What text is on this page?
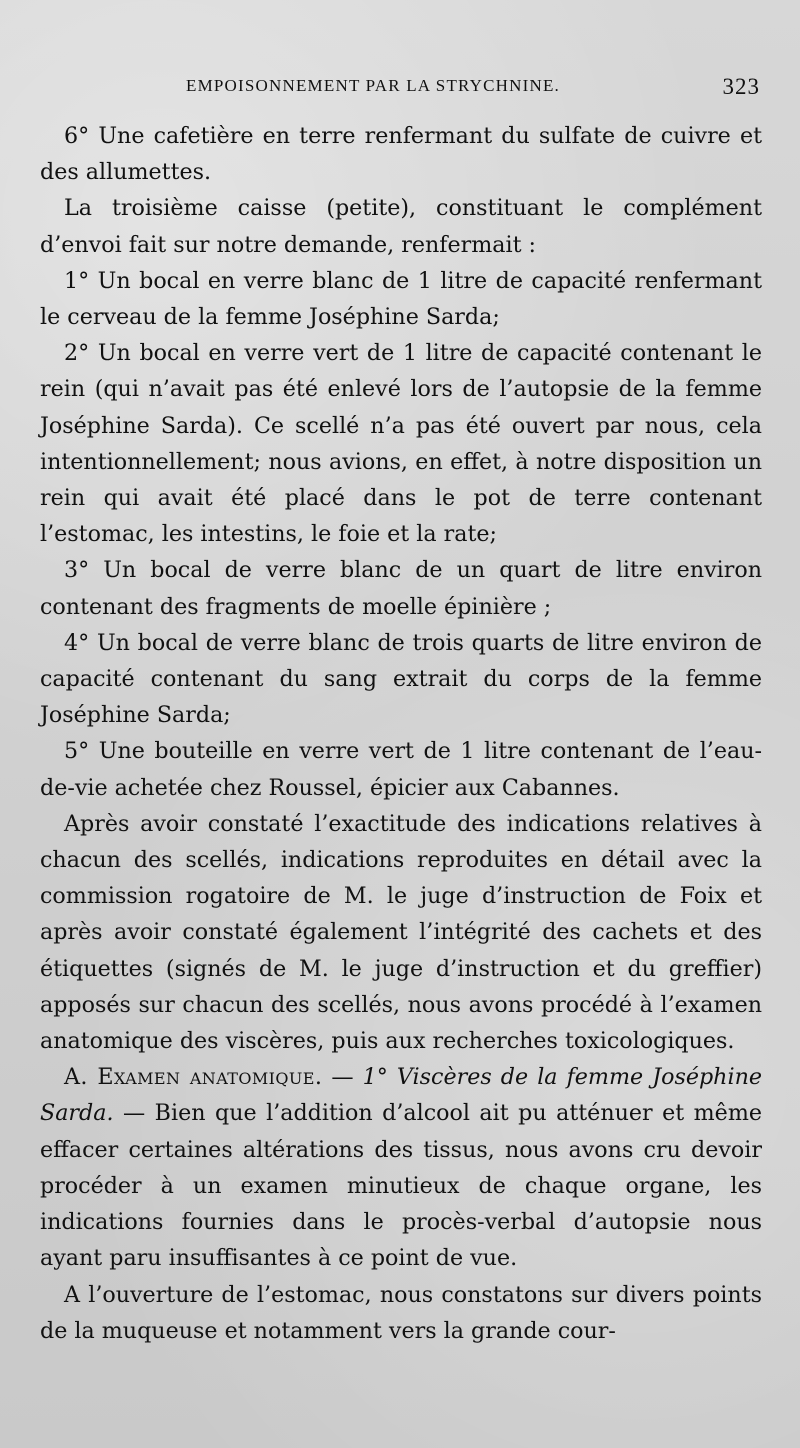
EMPOISONNEMENT PAR LA STRYCHNINE.	323

6° Une cafetière en terre renfermant du sulfate de cuivre et des allumettes.

La troisième caisse (petite), constituant le complément d’envoi fait sur notre demande, renfermait :

1° Un bocal en verre blanc de 1 litre de capacité renfermant le cerveau de la femme Joséphine Sarda;

2° Un bocal en verre vert de 1 litre de capacité contenant le rein (qui n’avait pas été enlevé lors de l’autopsie de la femme Joséphine Sarda). Ce scellé n’a pas été ouvert par nous, cela intentionnellement; nous avions, en effet, à notre disposition un rein qui avait été placé dans le pot de terre contenant l’estomac, les intestins, le foie et la rate;

3° Un bocal de verre blanc de un quart de litre environ contenant des fragments de moelle épinière ;

4° Un bocal de verre blanc de trois quarts de litre environ de capacité contenant du sang extrait du corps de la femme Joséphine Sarda;

5° Une bouteille en verre vert de 1 litre contenant de l’eau-de-vie achetée chez Roussel, épicier aux Cabannes.

Après avoir constaté l’exactitude des indications relatives à chacun des scellés, indications reproduites en détail avec la commission rogatoire de M. le juge d’instruction de Foix et après avoir constaté également l’intégrité des cachets et des étiquettes (signés de M. le juge d’instruction et du greffier) apposés sur chacun des scellés, nous avons procédé à l’examen anatomique des viscères, puis aux recherches toxicologiques.

A. Examen anatomique. — 1° Viscères de la femme Joséphine Sarda. — Bien que l’addition d’alcool ait pu atténuer et même effacer certaines altérations des tissus, nous avons cru devoir procéder à un examen minutieux de chaque organe, les indications fournies dans le procès-verbal d’autopsie nous ayant paru insuffisantes à ce point de vue.

A l’ouverture de l’estomac, nous constatons sur divers points de la muqueuse et notamment vers la grande cour-
